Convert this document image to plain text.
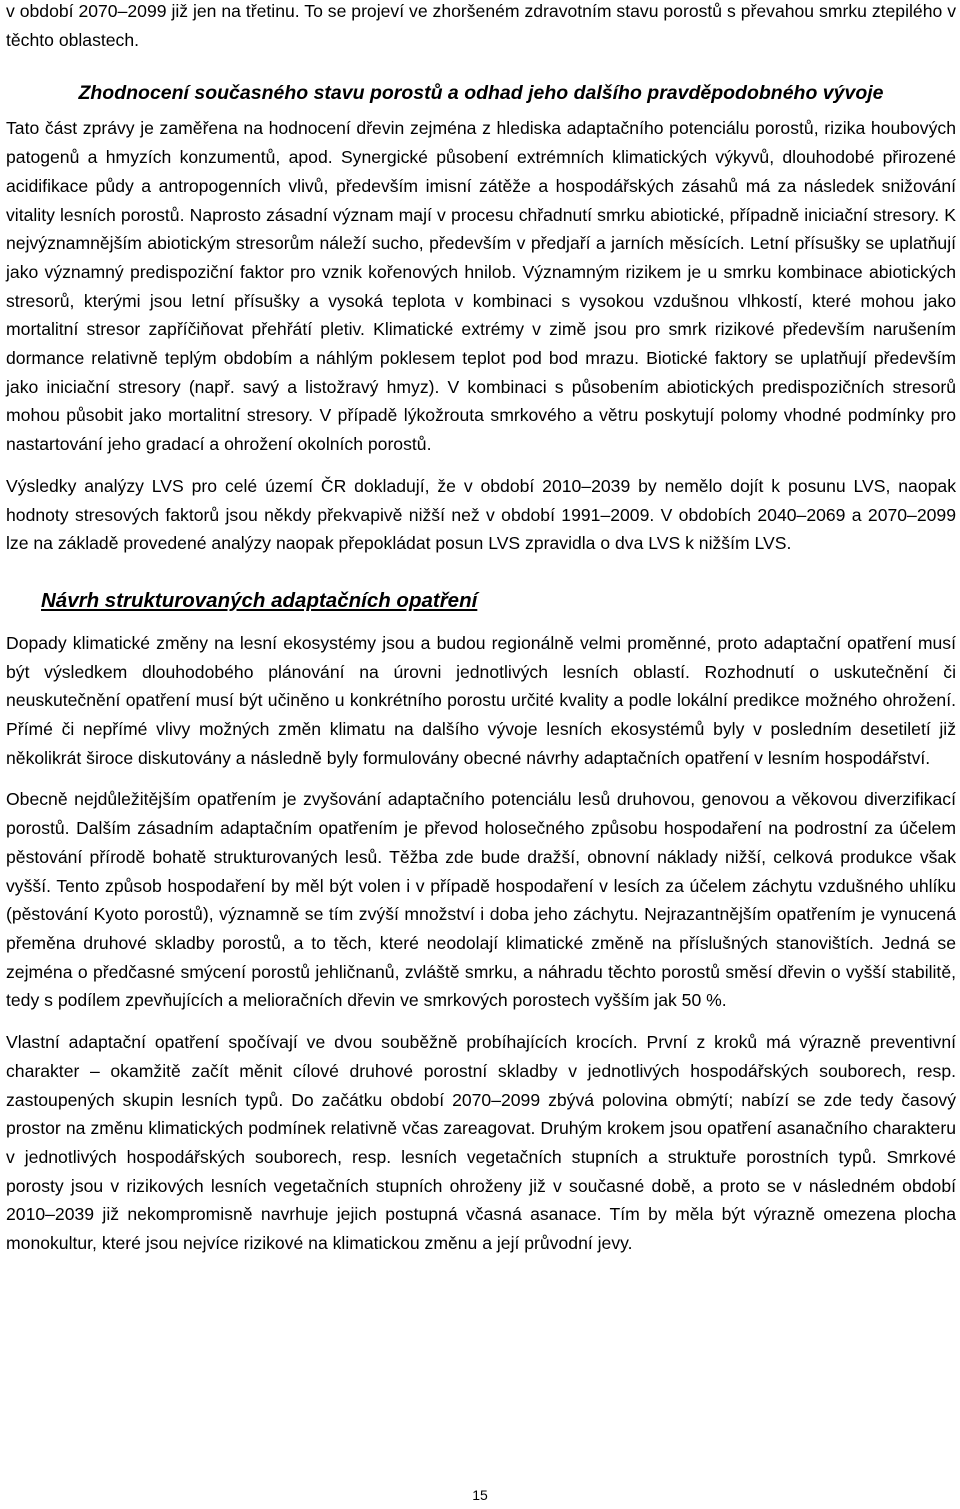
v období 2070–2099 již jen na třetinu. To se projeví ve zhoršeném zdravotním stavu porostů s převahou smrku ztepilého v těchto oblastech.

Zhodnocení současného stavu porostů a odhad jeho dalšího pravděpodobného vývoje

Tato část zprávy je zaměřena na hodnocení dřevin zejména z hlediska adaptačního potenciálu porostů, rizika houbových patogenů a hmyzích konzumentů, apod. Synergické působení extrémních klimatických výkyvů, dlouhodobé přirozené acidifikace půdy a antropogenních vlivů, především imisní zátěže a hospodářských zásahů má za následek snižování vitality lesních porostů. Naprosto zásadní význam mají v procesu chřadnutí smrku abiotické, případně iniciační stresory. K nejvýznamnějším abiotickým stresorům náleží sucho, především v předjaří a jarních měsících. Letní přísušky se uplatňují jako významný predispoziční faktor pro vznik kořenových hnilob. Významným rizikem je u smrku kombinace abiotických stresorů, kterými jsou letní přísušky a vysoká teplota v kombinaci s vysokou vzdušnou vlhkostí, které mohou jako mortalitní stresor zapříčiňovat přehřátí pletiv. Klimatické extrémy v zimě jsou pro smrk rizikové především narušením dormance relativně teplým obdobím a náhlým poklesem teplot pod bod mrazu. Biotické faktory se uplatňují především jako iniciační stresory (např. savý a listožravý hmyz). V kombinaci s působením abiotických predispozičních stresorů mohou působit jako mortalitní stresory. V případě lýkožrouta smrkového a větru poskytují polomy vhodné podmínky pro nastartování jeho gradací a ohrožení okolních porostů.

Výsledky analýzy LVS pro celé území ČR dokladují, že v období 2010–2039 by nemělo dojít k posunu LVS, naopak hodnoty stresových faktorů jsou někdy překvapivě nižší než v období 1991–2009. V obdobích 2040–2069 a 2070–2099 lze na základě provedené analýzy naopak přepokládat posun LVS zpravidla o dva LVS k nižším LVS.

Návrh strukturovaných adaptačních opatření

Dopady klimatické změny na lesní ekosystémy jsou a budou regionálně velmi proměnné, proto adaptační opatření musí být výsledkem dlouhodobého plánování na úrovni jednotlivých lesních oblastí. Rozhodnutí o uskutečnění či neuskutečnění opatření musí být učiněno u konkrétního porostu určité kvality a podle lokální predikce možného ohrožení. Přímé či nepřímé vlivy možných změn klimatu na dalšího vývoje lesních ekosystémů byly v posledním desetiletí již několikrát široce diskutovány a následně byly formulovány obecné návrhy adaptačních opatření v lesním hospodářství.

Obecně nejdůležitějším opatřením je zvyšování adaptačního potenciálu lesů druhovou, genovou a věkovou diverzifikací porostů. Dalším zásadním adaptačním opatřením je převod holosečného způsobu hospodaření na podrostní za účelem pěstování přírodě bohatě strukturovaných lesů. Těžba zde bude dražší, obnovní náklady nižší, celková produkce však vyšší. Tento způsob hospodaření by měl být volen i v případě hospodaření v lesích za účelem záchytu vzdušného uhlíku (pěstování Kyoto porostů), významně se tím zvýší množství i doba jeho záchytu. Nejrazantnějším opatřením je vynucená přeměna druhové skladby porostů, a to těch, které neodolají klimatické změně na příslušných stanovištích. Jedná se zejména o předčasné smýcení porostů jehličnanů, zvláště smrku, a náhradu těchto porostů směsí dřevin o vyšší stabilitě, tedy s podílem zpevňujících a melioračních dřevin ve smrkových porostech vyšším jak 50 %.

Vlastní adaptační opatření spočívají ve dvou souběžně probíhajících krocích. První z kroků má výrazně preventivní charakter – okamžitě začít měnit cílové druhové porostní skladby v jednotlivých hospodářských souborech, resp. zastoupených skupin lesních typů. Do začátku období 2070–2099 zbývá polovina obmýtí; nabízí se zde tedy časový prostor na změnu klimatických podmínek relativně včas zareagovat. Druhým krokem jsou opatření asanačního charakteru v jednotlivých hospodářských souborech, resp. lesních vegetačních stupních a struktuře porostních typů. Smrkové porosty jsou v rizikových lesních vegetačních stupních ohroženy již v současné době, a proto se v následném období 2010–2039 již nekompromisně navrhuje jejich postupná včasná asanace. Tím by měla být výrazně omezena plocha monokultur, které jsou nejvíce rizikové na klimatickou změnu a její průvodní jevy.

15
